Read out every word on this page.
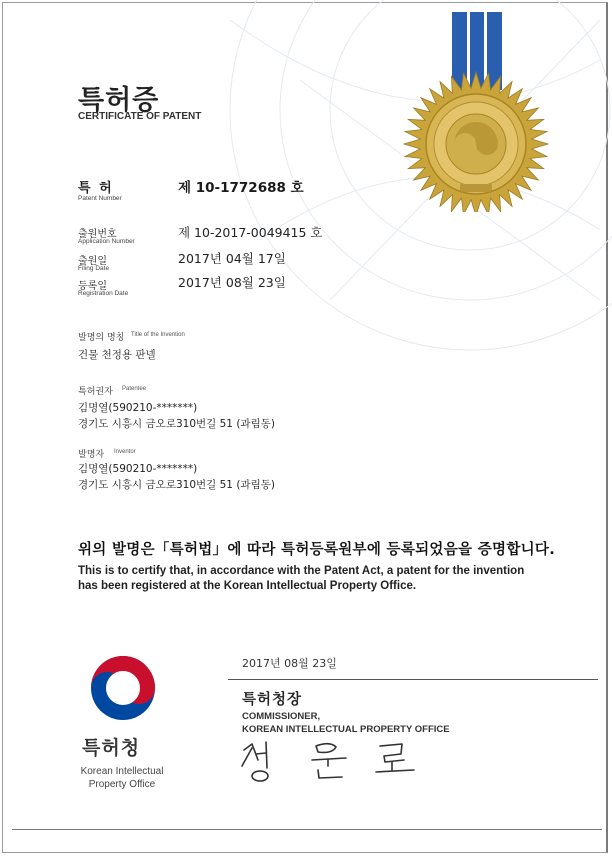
특허증
CERTIFICATE OF PATENT
특 허
Patent Number
제 10-1772688 호
출원번호
Application Number
제 10-2017-0049415 호
출원일
Filing Date
2017년 04월 17일
등록일
Registration Date
2017년 08월 23일
발명의 명칭 Title of the Invention
건물 천정용 판넬
특허권자 Patentee
김명열(590210-*******)
경기도 시흥시 금오로310번길 51 (과림동)
발명자 Inventor
김명열(590210-*******)
경기도 시흥시 금오로310번길 51 (과림동)
위의 발명은「특허법」에 따라 특허등록원부에 등록되었음을 증명합니다.
This is to certify that, in accordance with the Patent Act, a patent for the invention
has been registered at the Korean Intellectual Property Office.
특허청
Korean Intellectual
Property Office
2017년 08월 23일
특허청장
COMMISSIONER,
KOREAN INTELLECTUAL PROPERTY OFFICE
